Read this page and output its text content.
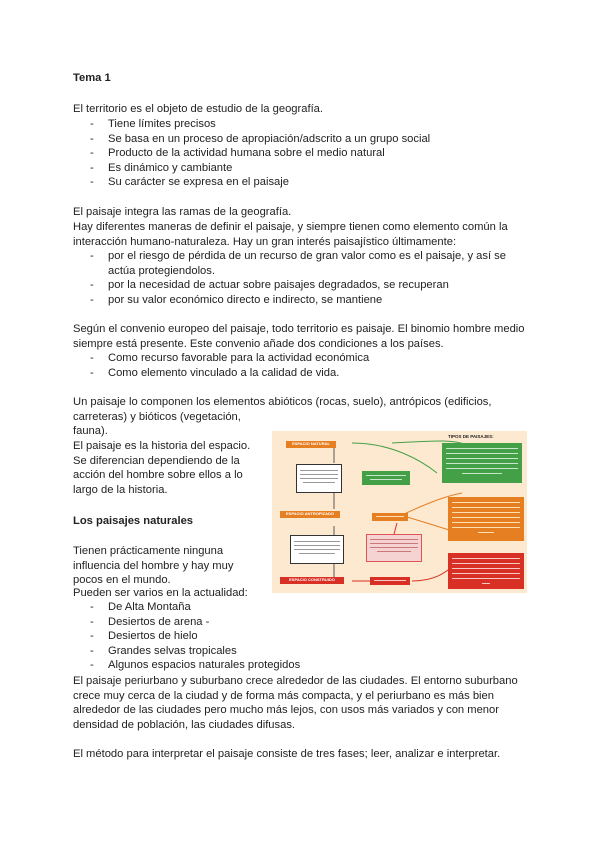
Tema 1
El territorio es el objeto de estudio de la geografía.
- Tiene límites precisos
- Se basa en un proceso de apropiación/adscrito a un grupo social
- Producto de la actividad humana sobre el medio natural
- Es dinámico y cambiante
- Su carácter se expresa en el paisaje
El paisaje integra las ramas de la geografía.
Hay diferentes maneras de definir el paisaje, y siempre tienen como elemento común la
interacción humano-naturaleza. Hay un gran interés paisajístico últimamente:
- por el riesgo de pérdida de un recurso de gran valor como es el paisaje, y así se
actúa protegiendolos.
- por la necesidad de actuar sobre paisajes degradados, se recuperan
- por su valor económico directo e indirecto, se mantiene
Según el convenio europeo del paisaje, todo territorio es paisaje. El binomio hombre medio
siempre está presente. Este convenio añade dos condiciones a los países.
- Como recurso favorable para la actividad económica
- Como elemento vinculado a la calidad de vida.
Un paisaje lo componen los elementos abióticos (rocas, suelo), antrópicos (edificios,
carreteras) y bióticos (vegetación,
fauna).
El paisaje es la historia del espacio.
Se diferencian dependiendo de la
acción del hombre sobre ellos a lo
largo de la historia.
Los paisajes naturales
Tienen prácticamente ninguna
influencia del hombre y hay muy
pocos en el mundo.
Pueden ser varios en la actualidad:
- De Alta Montaña
- Desiertos de arena -
- Desiertos de hielo
- Grandes selvas tropicales
- Algunos espacios naturales protegidos
El paisaje periurbano y suburbano crece alrededor de las ciudades. El entorno suburbano
crece muy cerca de la ciudad y de forma más compacta, y el periurbano es más bien
alrededor de las ciudades pero mucho más lejos, con usos más variados y con menor
densidad de población, las ciudades difusas.
El método para interpretar el paisaje consiste de tres fases; leer, analizar e interpretar.
ESPACIO NATURAL
ESPACIO ANTROPIZADO
ESPACIO CONSTRUIDO
TIPOS DE PAISAJES:
